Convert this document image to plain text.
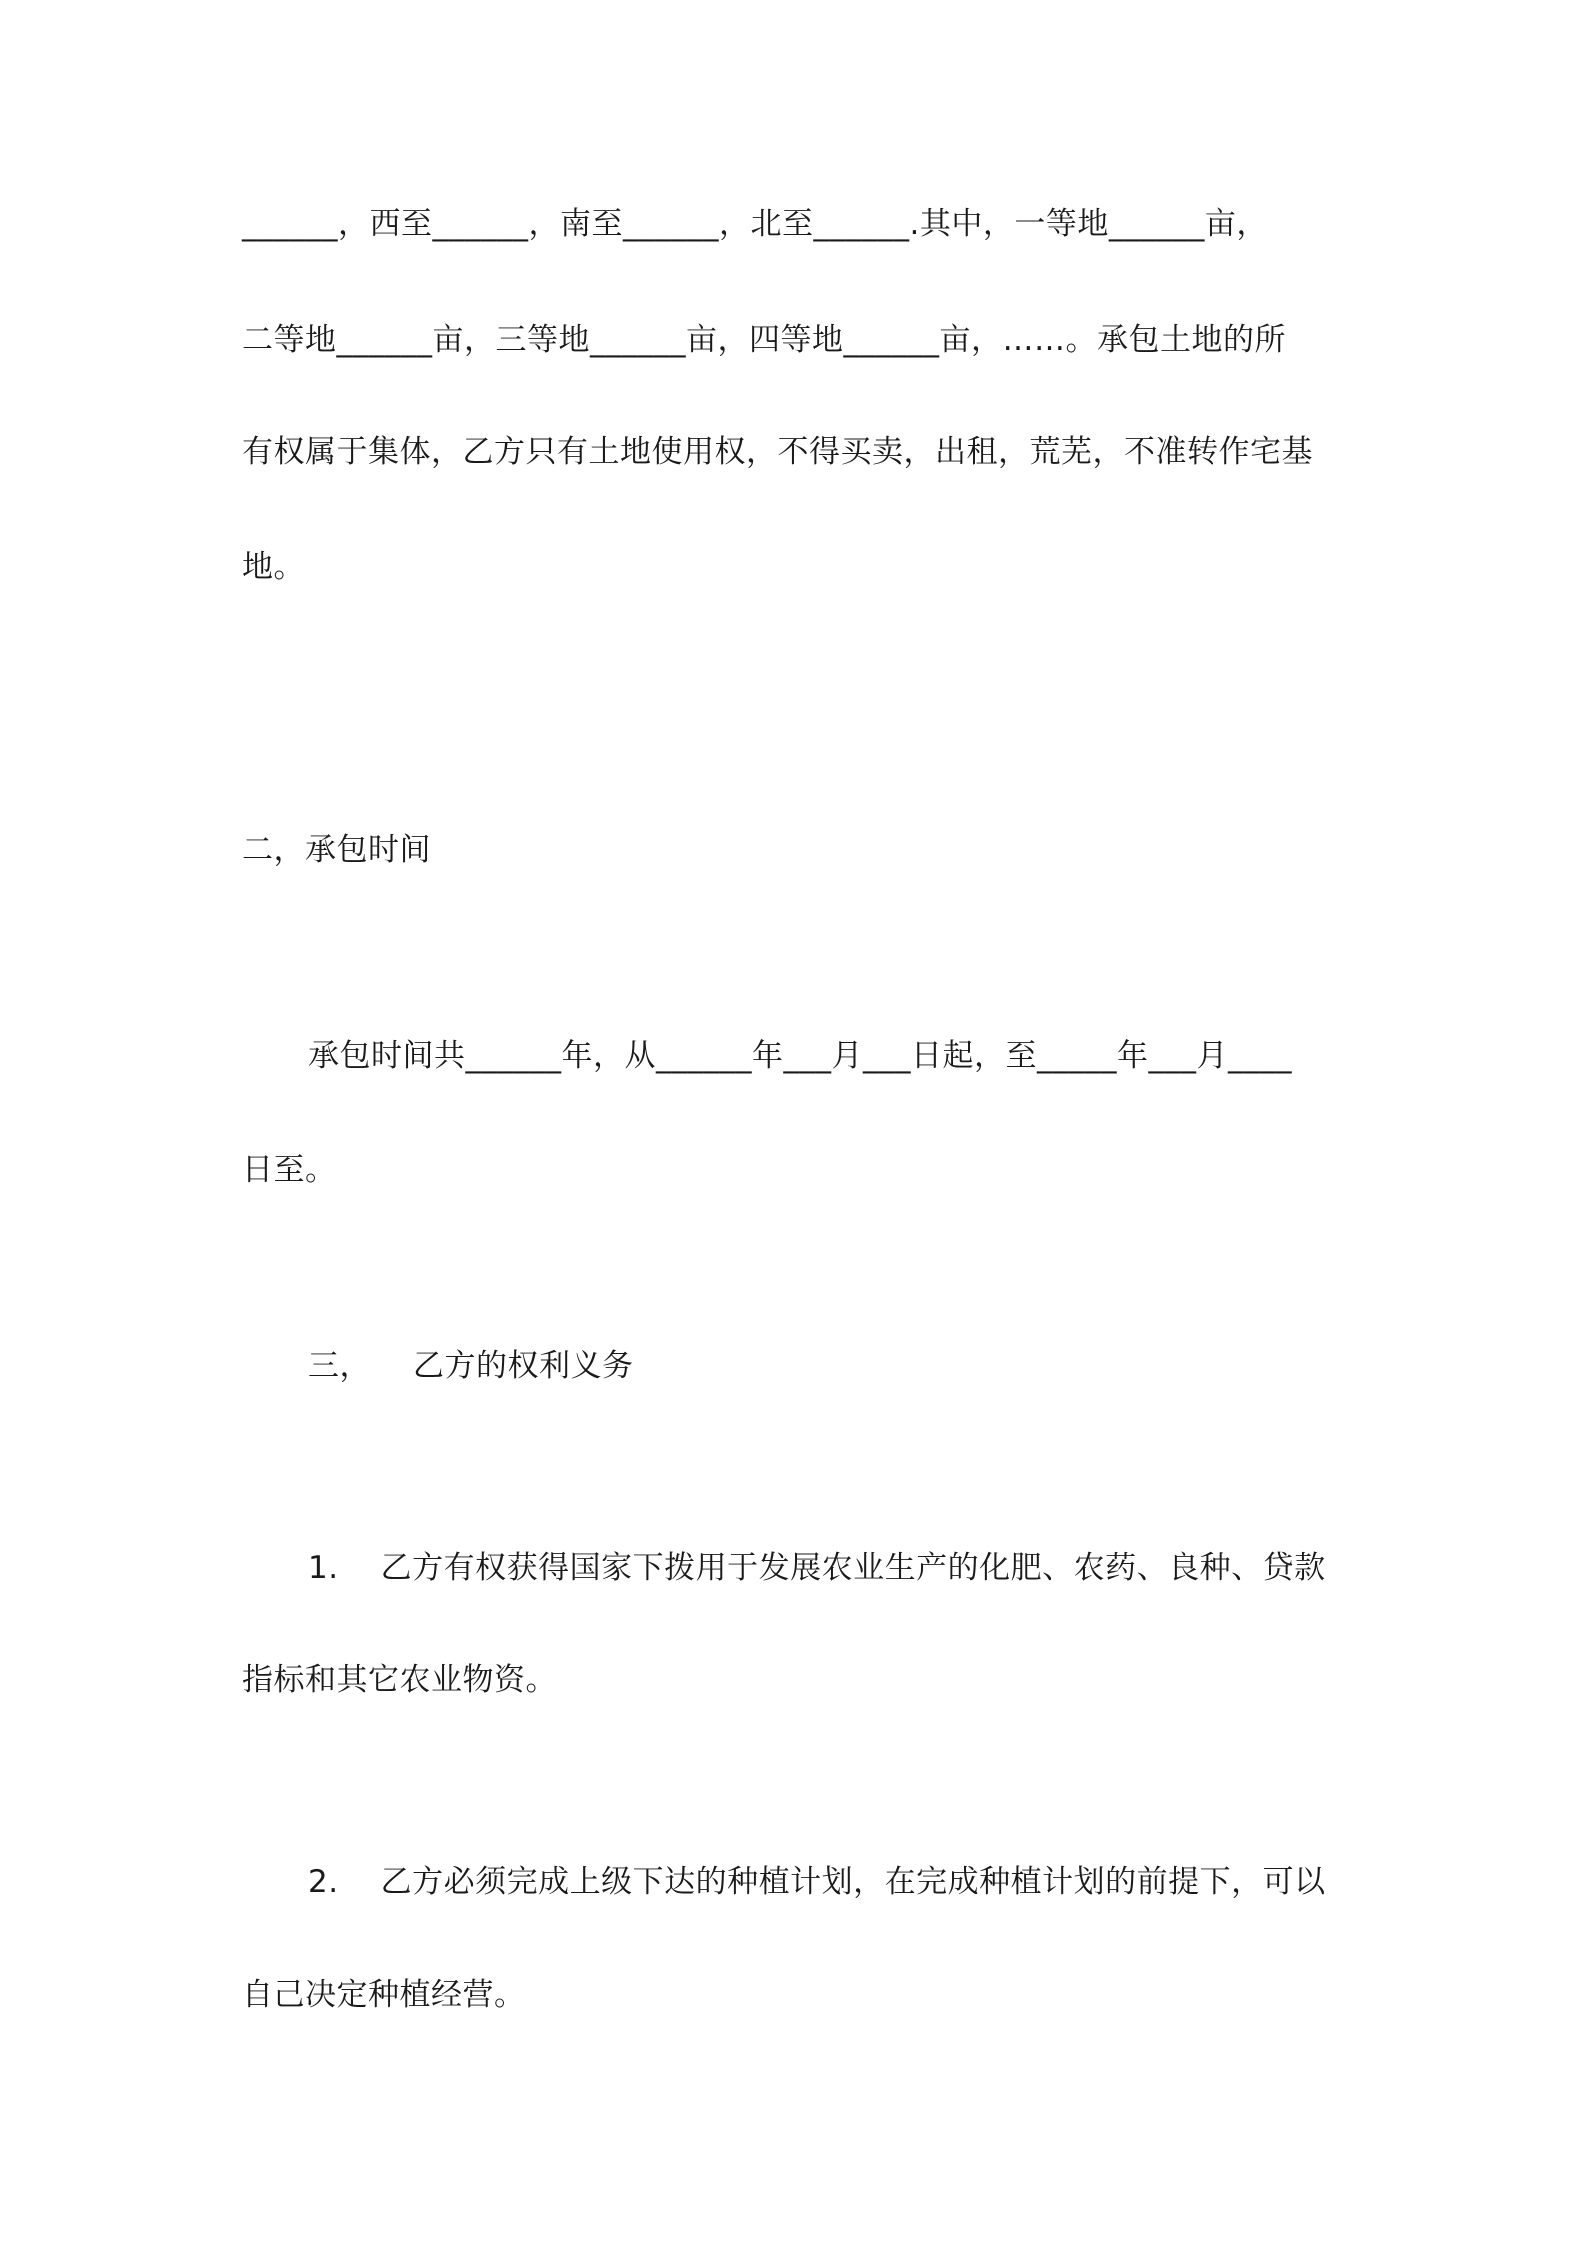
______，西至______，南至______，北至______.其中，一等地______亩，
二等地______亩，三等地______亩，四等地______亩，……。承包土地的所
有权属于集体，乙方只有土地使用权，不得买卖，出租，荒芜，不准转作宅基
地。
二，承包时间
承包时间共______年，从______年___月___日起，至_____年___月____
日至。
三， 乙方的权利义务
1. 乙方有权获得国家下拨用于发展农业生产的化肥、农药、良种、贷款
指标和其它农业物资。
2. 乙方必须完成上级下达的种植计划，在完成种植计划的前提下，可以
自己决定种植经营。
